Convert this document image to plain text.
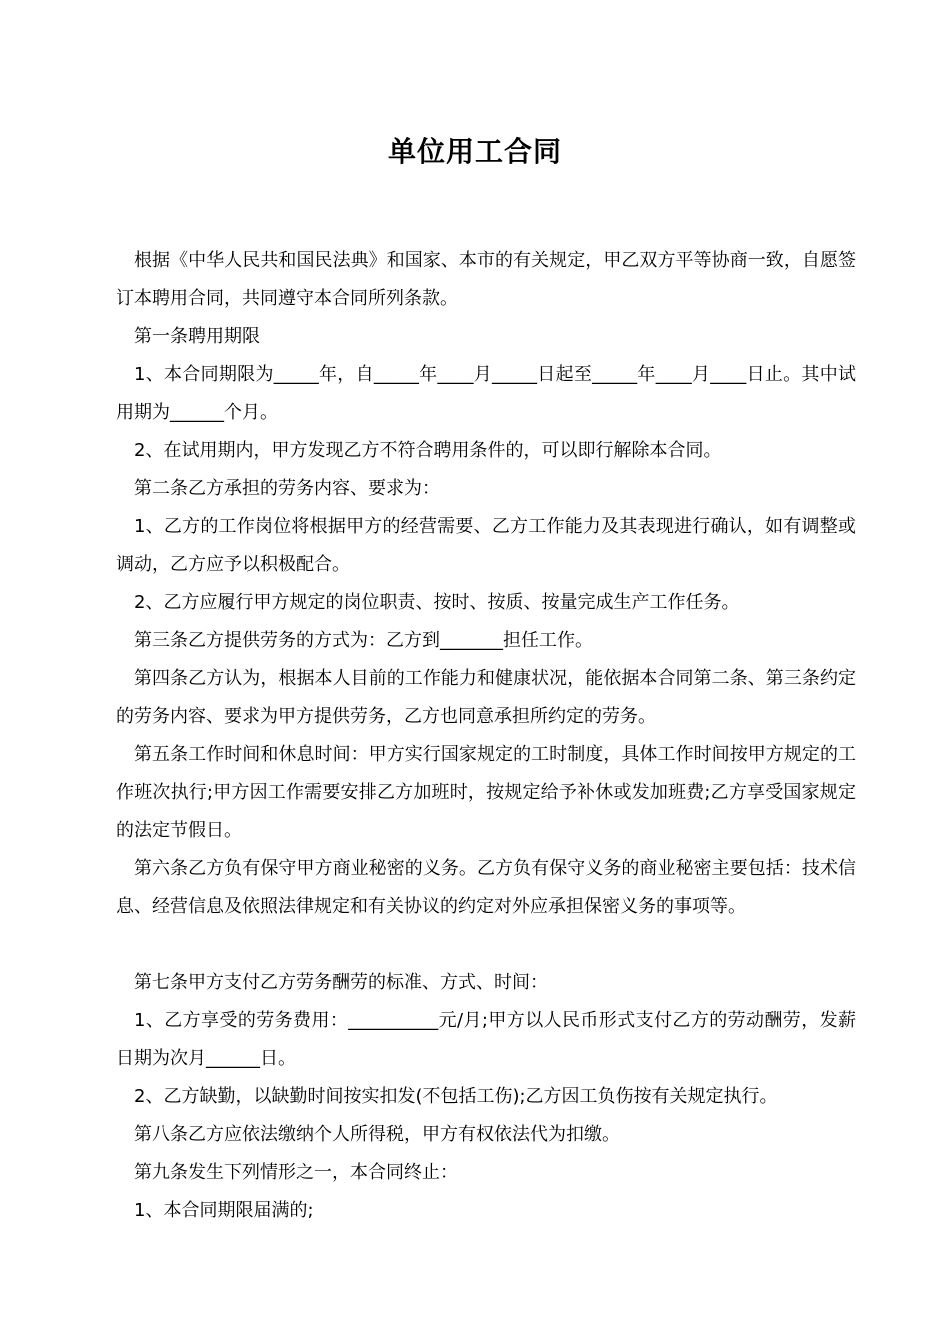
单位用工合同

根据《中华人民共和国民法典》和国家、本市的有关规定，甲乙双方平等协商一致，自愿签订本聘用合同，共同遵守本合同所列条款。

第一条聘用期限

1、本合同期限为_____年，自_____年____月_____日起至_____年____月____日止。其中试用期为______个月。

2、在试用期内，甲方发现乙方不符合聘用条件的，可以即行解除本合同。

第二条乙方承担的劳务内容、要求为：

1、乙方的工作岗位将根据甲方的经营需要、乙方工作能力及其表现进行确认，如有调整或调动，乙方应予以积极配合。

2、乙方应履行甲方规定的岗位职责、按时、按质、按量完成生产工作任务。

第三条乙方提供劳务的方式为：乙方到_______担任工作。

第四条乙方认为，根据本人目前的工作能力和健康状况，能依据本合同第二条、第三条约定的劳务内容、要求为甲方提供劳务，乙方也同意承担所约定的劳务。

第五条工作时间和休息时间：甲方实行国家规定的工时制度，具体工作时间按甲方规定的工作班次执行;甲方因工作需要安排乙方加班时，按规定给予补休或发加班费;乙方享受国家规定的法定节假日。

第六条乙方负有保守甲方商业秘密的义务。乙方负有保守义务的商业秘密主要包括：技术信息、经营信息及依照法律规定和有关协议的约定对外应承担保密义务的事项等。

第七条甲方支付乙方劳务酬劳的标准、方式、时间：

1、乙方享受的劳务费用：__________元/月;甲方以人民币形式支付乙方的劳动酬劳，发薪日期为次月______日。

2、乙方缺勤，以缺勤时间按实扣发(不包括工伤);乙方因工负伤按有关规定执行。

第八条乙方应依法缴纳个人所得税，甲方有权依法代为扣缴。

第九条发生下列情形之一，本合同终止：

1、本合同期限届满的;
